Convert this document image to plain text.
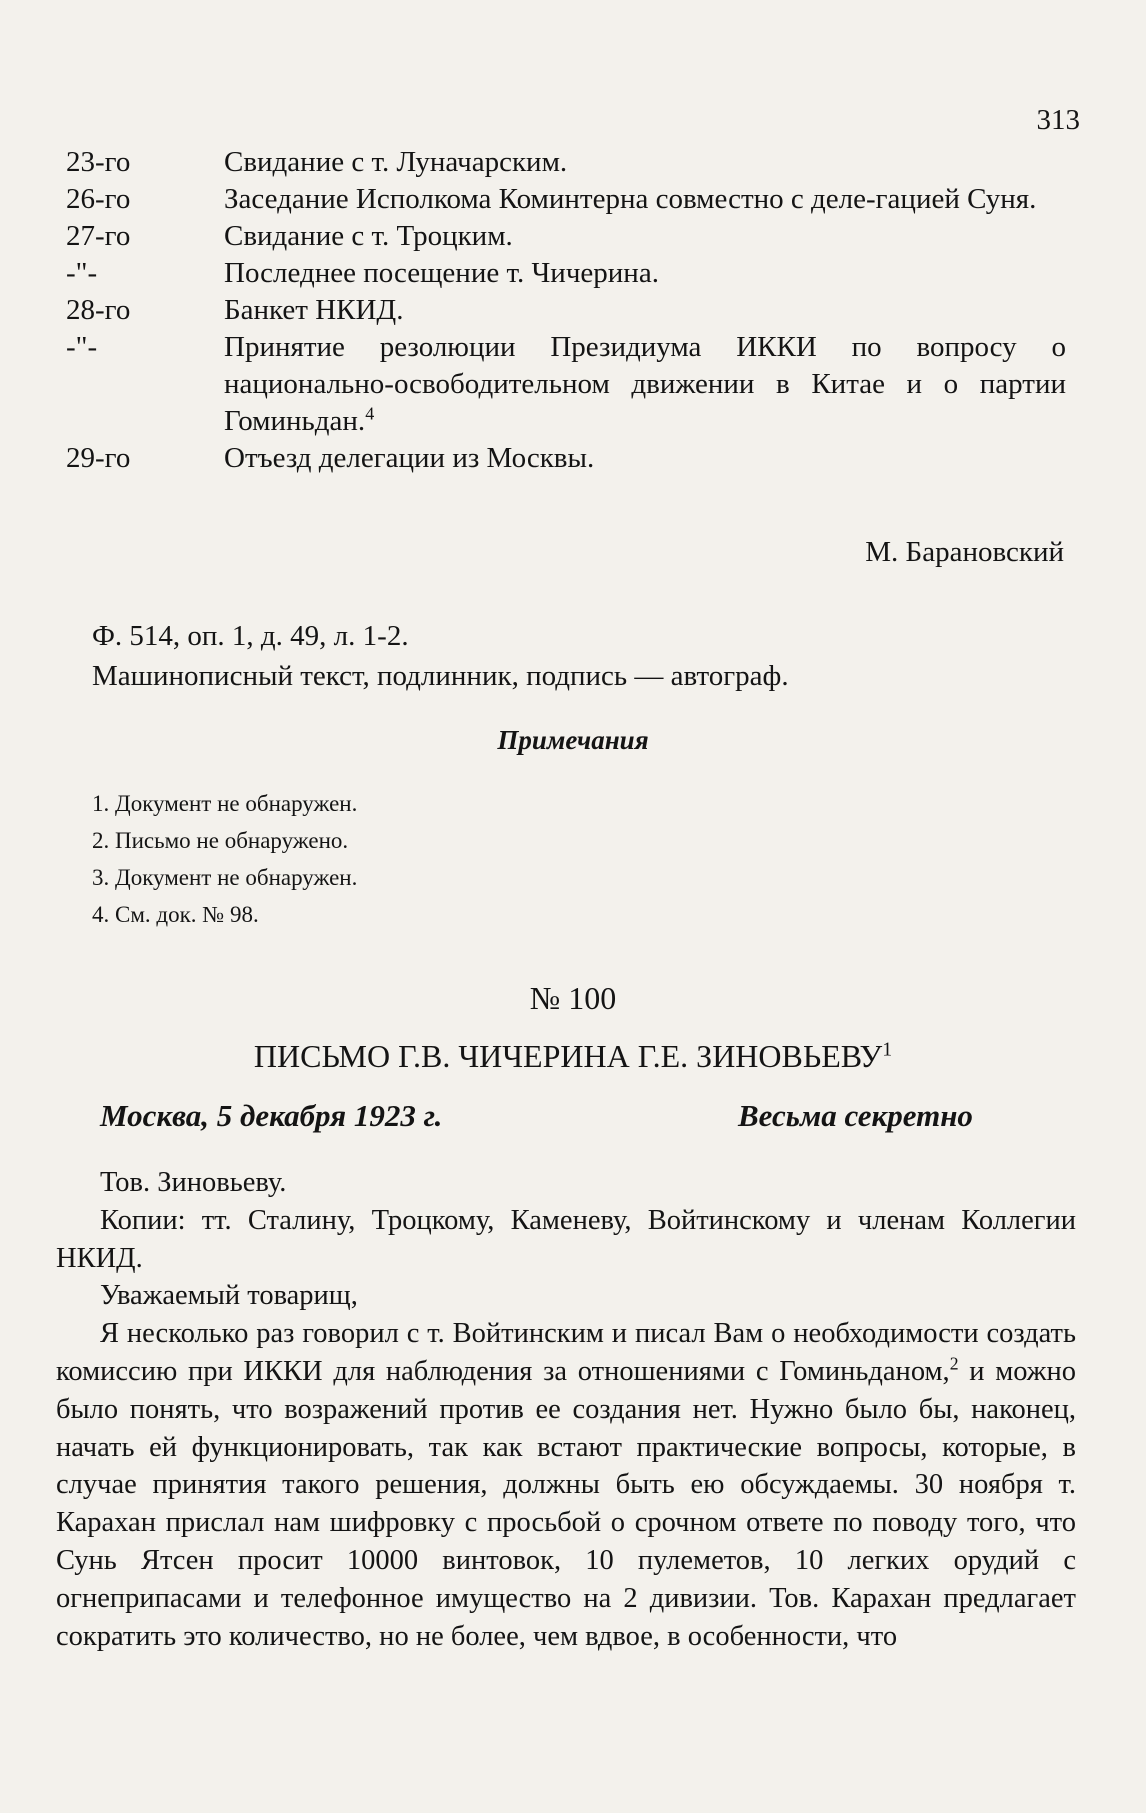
313
23-го	Свидание с т. Луначарским.
26-го	Заседание Исполкома Коминтерна совместно с деле-гацией Суня.
27-го	Свидание с т. Троцким.
-"-	Последнее посещение т. Чичерина.
28-го	Банкет НКИД.
-"-	Принятие резолюции Президиума ИККИ по вопросу о национально-освободительном движении в Китае и о партии Гоминьдан.$^4$
29-го	Отъезд делегации из Москвы.
М. Барановский
Ф. 514, оп. 1, д. 49, л. 1-2.
Машинописный текст, подлинник, подпись — автограф.
Примечания
1. Документ не обнаружен.
2. Письмо не обнаружено.
3. Документ не обнаружен.
4. См. док. № 98.
№ 100
ПИСЬМО Г.В. ЧИЧЕРИНА Г.Е. ЗИНОВЬЕВУ$^1$
Москва, 5 декабря 1923 г.	Весьма секретно

Тов. Зиновьеву.

Копии: тт. Сталину, Троцкому, Каменеву, Войтинскому и членам Коллегии НКИД.

Уважаемый товарищ,

Я несколько раз говорил с т. Войтинским и писал Вам о необходимости создать комиссию при ИККИ для наблюдения за отношениями с Гоминьданом,$^2$ и можно было понять, что возражений против ее создания нет. Нужно было бы, наконец, начать ей функционировать, так как встают практические вопросы, которые, в случае принятия такого решения, должны быть ею обсуждаемы. 30 ноября т. Карахан прислал нам шифровку с просьбой о срочном ответе по поводу того, что Сунь Ятсен просит 10000 винтовок, 10 пулеметов, 10 легких орудий с огнеприпасами и телефонное имущество на 2 дивизии. Тов. Карахан предлагает сократить это количество, но не более, чем вдвое, в особенности, что
